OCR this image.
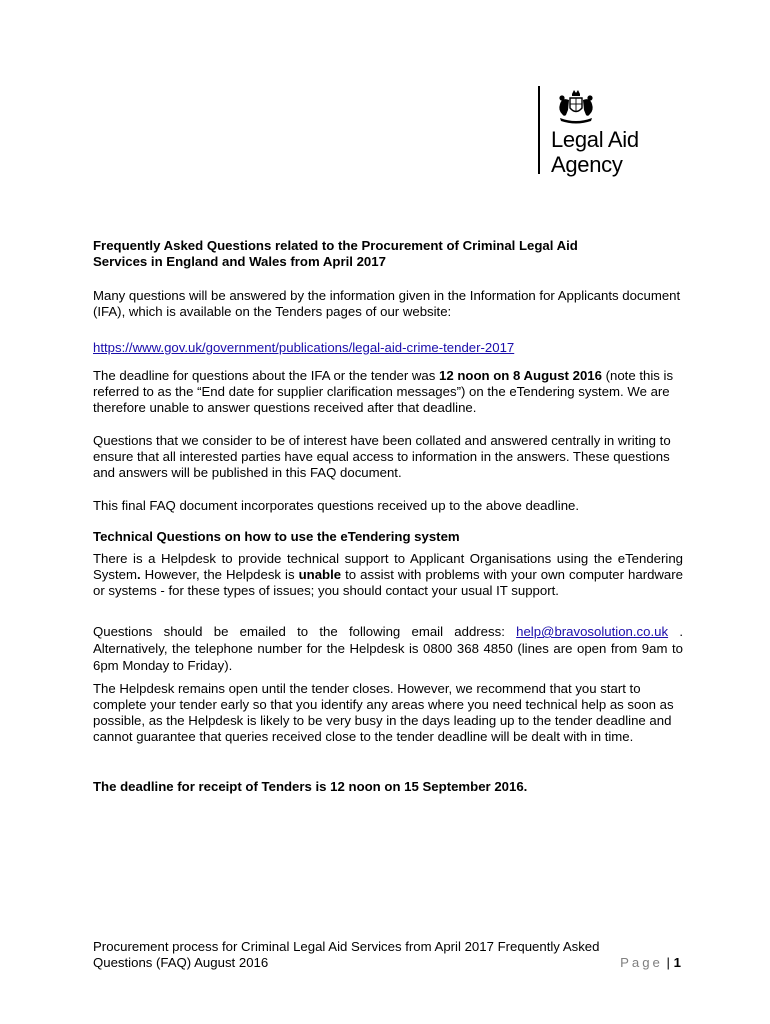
Legal Aid
Agency
Frequently Asked Questions related to the Procurement of Criminal Legal Aid
Services in England and Wales from April 2017

Many questions will be answered by the information given in the Information for Applicants document (IFA), which is available on the Tenders pages of our website:

https://www.gov.uk/government/publications/legal-aid-crime-tender-2017

The deadline for questions about the IFA or the tender was 12 noon on 8 August 2016 (note this is referred to as the “End date for supplier clarification messages”) on the eTendering system. We are therefore unable to answer questions received after that deadline.

Questions that we consider to be of interest have been collated and answered centrally in writing to ensure that all interested parties have equal access to information in the answers. These questions and answers will be published in this FAQ document.

This final FAQ document incorporates questions received up to the above deadline.

Technical Questions on how to use the eTendering system

There is a Helpdesk to provide technical support to Applicant Organisations using the eTendering System. However, the Helpdesk is unable to assist with problems with your own computer hardware or systems - for these types of issues; you should contact your usual IT support.

Questions should be emailed to the following email address: help@bravosolution.co.uk . Alternatively, the telephone number for the Helpdesk is 0800 368 4850 (lines are open from 9am to 6pm Monday to Friday).

The Helpdesk remains open until the tender closes. However, we recommend that you start to complete your tender early so that you identify any areas where you need technical help as soon as possible, as the Helpdesk is likely to be very busy in the days leading up to the tender deadline and cannot guarantee that queries received close to the tender deadline will be dealt with in time.

The deadline for receipt of Tenders is 12 noon on 15 September 2016.

Procurement process for Criminal Legal Aid Services from April 2017 Frequently Asked
Questions (FAQ) August 2016	Page | 1
